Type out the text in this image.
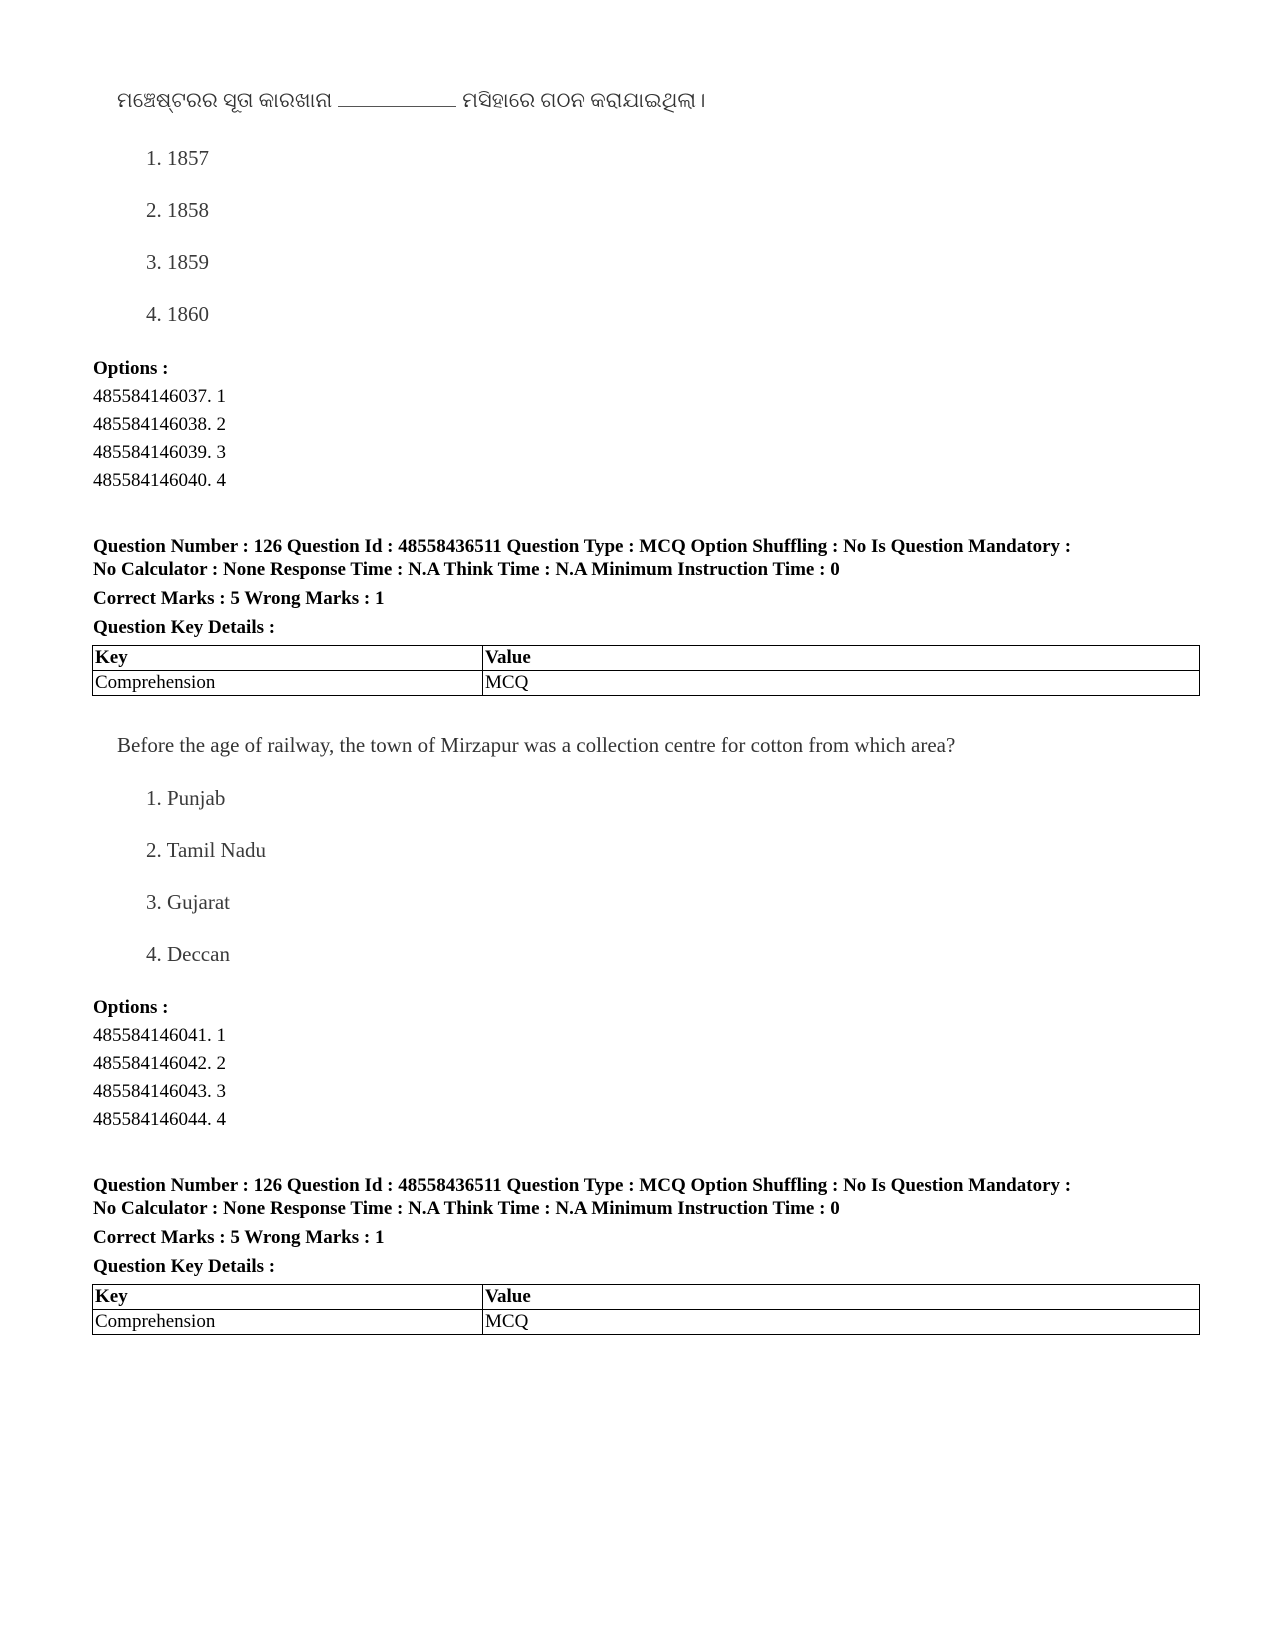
ମଞ୍ଚେଷ୍ଟରର ସୂତା କାରଖାନା	ମସିହାରେ ଗଠନ କରାଯାଇଥିଲା।
1. 1857
2. 1858
3. 1859
4. 1860
Options :
485584146037. 1
485584146038. 2
485584146039. 3
485584146040. 4
Question Number : 126 Question Id : 48558436511 Question Type : MCQ Option Shuffling : No Is Question Mandatory :
No Calculator : None Response Time : N.A Think Time : N.A Minimum Instruction Time : 0
Correct Marks : 5 Wrong Marks : 1
Question Key Details :
Key	Value
Comprehension	MCQ
Before the age of railway, the town of Mirzapur was a collection centre for cotton from which area?
1. Punjab
2. Tamil Nadu
3. Gujarat
4. Deccan
Options :
485584146041. 1
485584146042. 2
485584146043. 3
485584146044. 4
Question Number : 126 Question Id : 48558436511 Question Type : MCQ Option Shuffling : No Is Question Mandatory :
No Calculator : None Response Time : N.A Think Time : N.A Minimum Instruction Time : 0
Correct Marks : 5 Wrong Marks : 1
Question Key Details :
Key	Value
Comprehension	MCQ
